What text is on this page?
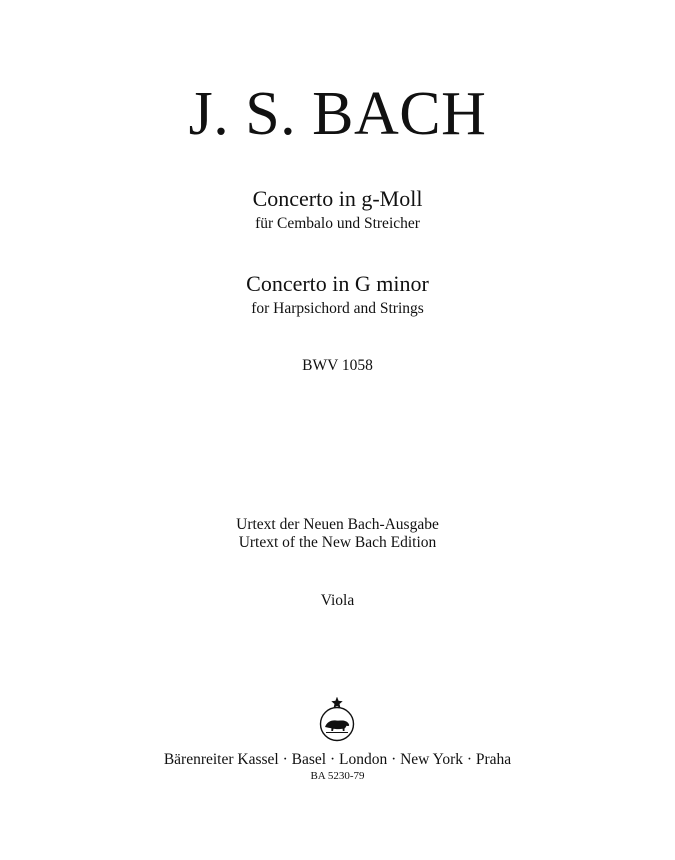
J. S. BACH
Concerto in g-Moll
für Cembalo und Streicher
Concerto in G minor
for Harpsichord and Strings
BWV 1058
Urtext der Neuen Bach-Ausgabe
Urtext of the New Bach Edition
Viola
Bärenreiter Kassel · Basel · London · New York · Praha
BA 5230-79
